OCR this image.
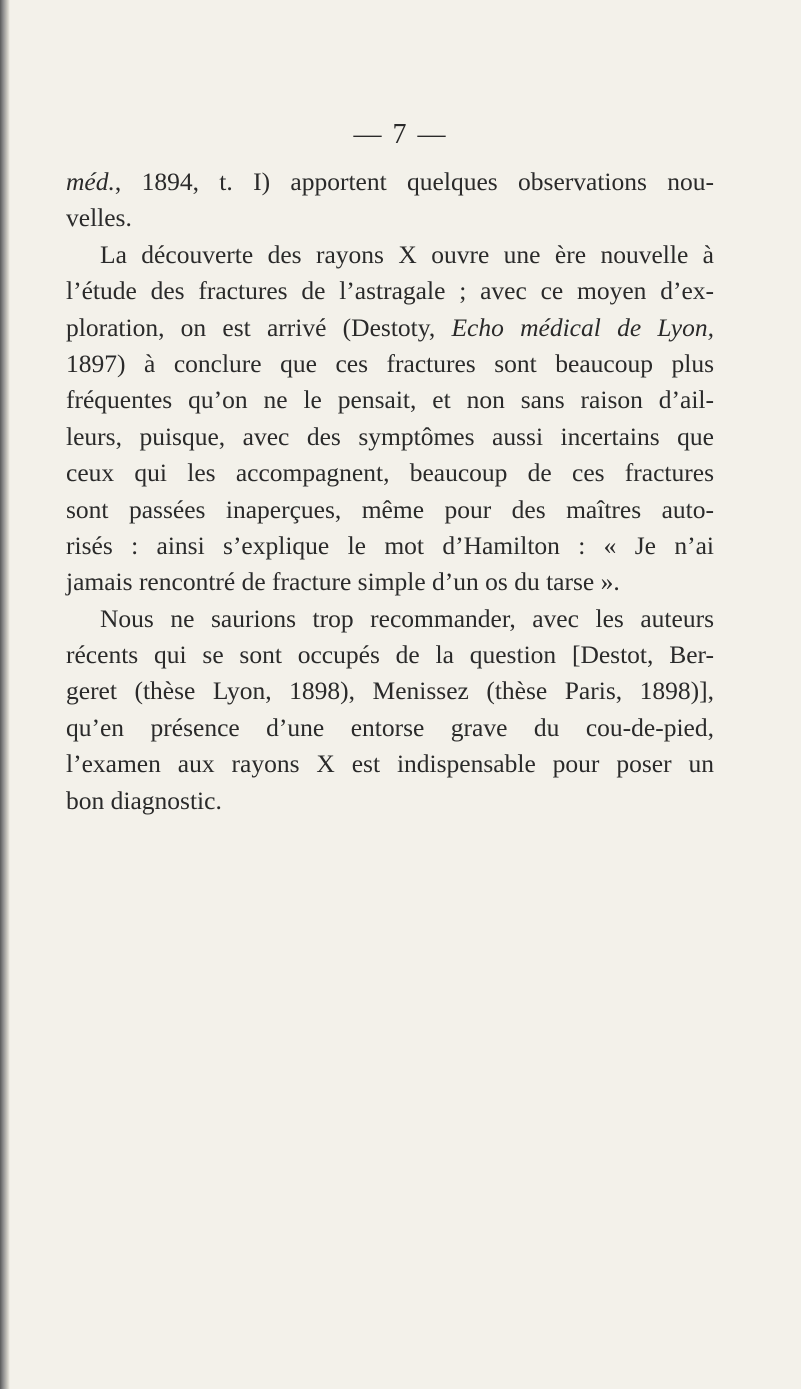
— 7 —
méd., 1894, t. I) apportent quelques observations nou-
velles.
La découverte des rayons X ouvre une ère nouvelle à
l’étude des fractures de l’astragale ; avec ce moyen d’ex-
ploration, on est arrivé (Destoty, Echo médical de Lyon,
1897) à conclure que ces fractures sont beaucoup plus
fréquentes qu’on ne le pensait, et non sans raison d’ail-
leurs, puisque, avec des symptômes aussi incertains que
ceux qui les accompagnent, beaucoup de ces fractures
sont passées inaperçues, même pour des maîtres auto-
risés : ainsi s’explique le mot d’Hamilton : « Je n’ai
jamais rencontré de fracture simple d’un os du tarse ».
Nous ne saurions trop recommander, avec les auteurs
récents qui se sont occupés de la question [Destot, Ber-
geret (thèse Lyon, 1898), Menissez (thèse Paris, 1898)],
qu’en présence d’une entorse grave du cou-de-pied,
l’examen aux rayons X est indispensable pour poser un
bon diagnostic.
